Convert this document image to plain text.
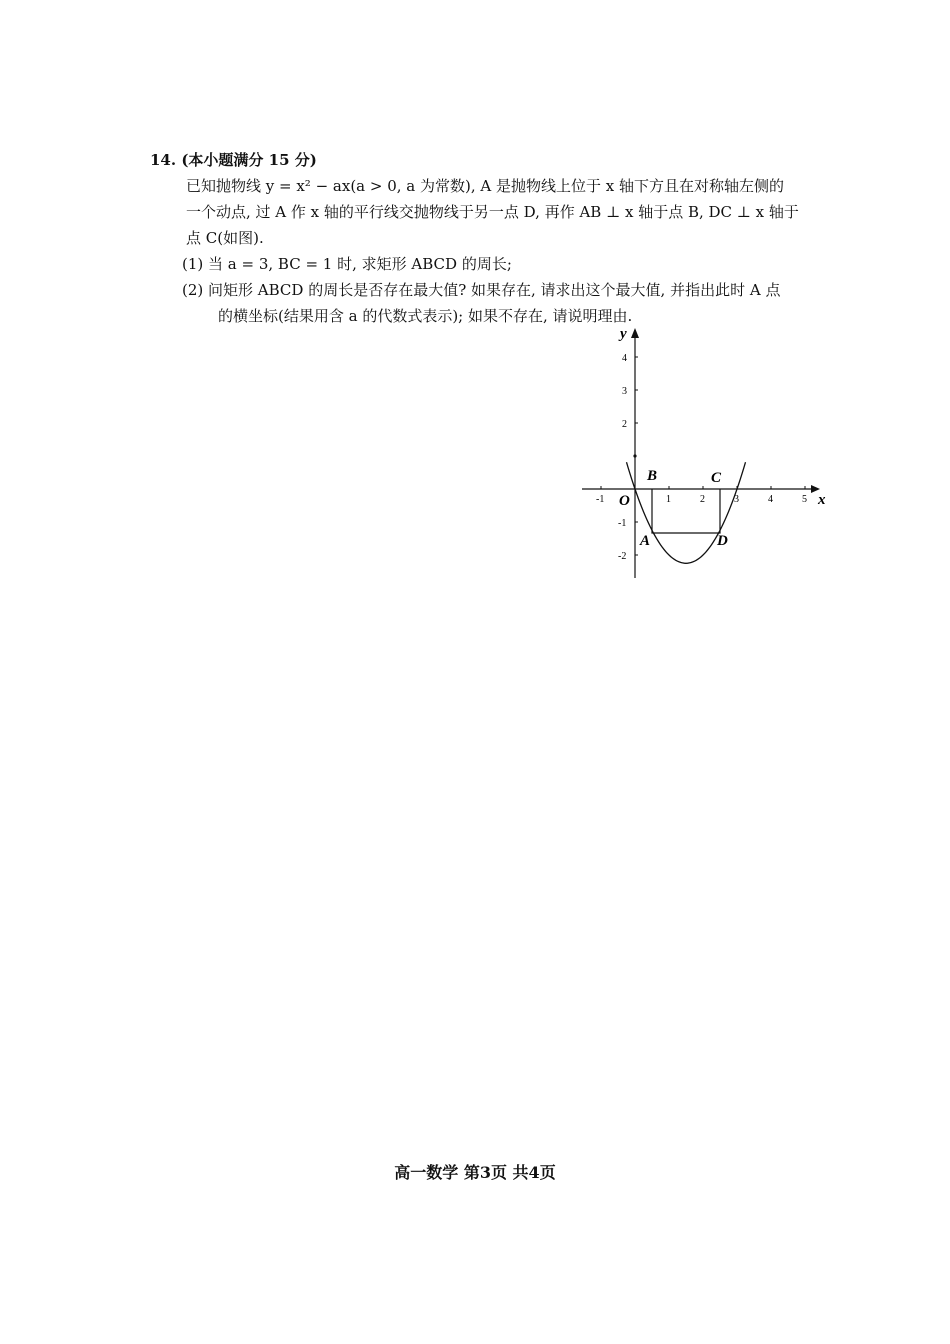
14. (本小题满分 15 分)

已知抛物线 y = x² − ax(a > 0, a 为常数), A 是抛物线上位于 x 轴下方且在对称轴左侧的

一个动点, 过 A 作 x 轴的平行线交抛物线于另一点 D, 再作 AB ⊥ x 轴于点 B, DC ⊥ x 轴于

点 C(如图).

(1) 当 a = 3, BC = 1 时, 求矩形 ABCD 的周长;

(2) 问矩形 ABCD 的周长是否存在最大值? 如果存在, 请求出这个最大值, 并指出此时 A 点

的横坐标(结果用含 a 的代数式表示); 如果不存在, 请说明理由.

-1	1	2	3	4	5
4
3
2
-1
-2
x
y
O
B	C
A	D
高一数学 第3页 共4页
